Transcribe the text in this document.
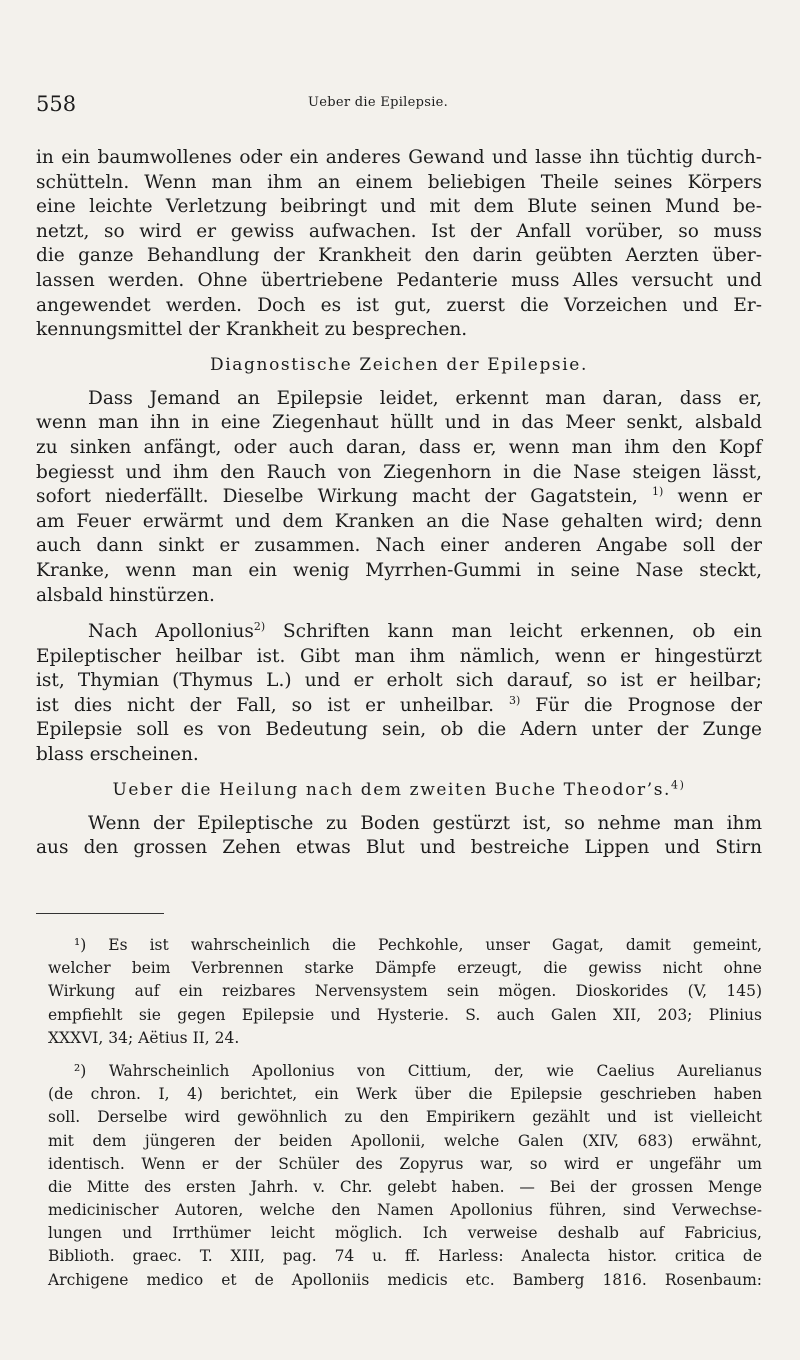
558	Ueber die Epilepsie.
in ein baumwollenes oder ein anderes Gewand und lasse ihn tüchtig durch-
schütteln. Wenn man ihm an einem beliebigen Theile seines Körpers
eine leichte Verletzung beibringt und mit dem Blute seinen Mund be-
netzt, so wird er gewiss aufwachen. Ist der Anfall vorüber, so muss
die ganze Behandlung der Krankheit den darin geübten Aerzten über-
lassen werden. Ohne übertriebene Pedanterie muss Alles versucht und
angewendet werden. Doch es ist gut, zuerst die Vorzeichen und Er-
kennungsmittel der Krankheit zu besprechen.
Diagnostische Zeichen der Epilepsie.
Dass Jemand an Epilepsie leidet, erkennt man daran, dass er,
wenn man ihn in eine Ziegenhaut hüllt und in das Meer senkt, alsbald
zu sinken anfängt, oder auch daran, dass er, wenn man ihm den Kopf
begiesst und ihm den Rauch von Ziegenhorn in die Nase steigen lässt,
sofort niederfällt. Dieselbe Wirkung macht der Gagatstein, $^{1)}$ wenn er
am Feuer erwärmt und dem Kranken an die Nase gehalten wird; denn
auch dann sinkt er zusammen. Nach einer anderen Angabe soll der
Kranke, wenn man ein wenig Myrrhen-Gummi in seine Nase steckt,
alsbald hinstürzen.
Nach Apollonius$^{2)}$ Schriften kann man leicht erkennen, ob ein
Epileptischer heilbar ist. Gibt man ihm nämlich, wenn er hingestürzt
ist, Thymian (Thymus L.) und er erholt sich darauf, so ist er heilbar;
ist dies nicht der Fall, so ist er unheilbar. $^{3)}$ Für die Prognose der
Epilepsie soll es von Bedeutung sein, ob die Adern unter der Zunge
blass erscheinen.
Ueber die Heilung nach dem zweiten Buche Theodor’s.$^{4)}$
Wenn der Epileptische zu Boden gestürzt ist, so nehme man ihm
aus den grossen Zehen etwas Blut und bestreiche Lippen und Stirn
¹) Es ist wahrscheinlich die Pechkohle, unser Gagat, damit gemeint,
welcher beim Verbrennen starke Dämpfe erzeugt, die gewiss nicht ohne
Wirkung auf ein reizbares Nervensystem sein mögen. Dioskorides (V, 145)
empfiehlt sie gegen Epilepsie und Hysterie. S. auch Galen XII, 203; Plinius
XXXVI, 34; Aëtius II, 24.
²) Wahrscheinlich Apollonius von Cittium, der, wie Caelius Aurelianus
(de chron. I, 4) berichtet, ein Werk über die Epilepsie geschrieben haben
soll. Derselbe wird gewöhnlich zu den Empirikern gezählt und ist vielleicht
mit dem jüngeren der beiden Apollonii, welche Galen (XIV, 683) erwähnt,
identisch. Wenn er der Schüler des Zopyrus war, so wird er ungefähr um
die Mitte des ersten Jahrh. v. Chr. gelebt haben. — Bei der grossen Menge
medicinischer Autoren, welche den Namen Apollonius führen, sind Verwechse-
lungen und Irrthümer leicht möglich. Ich verweise deshalb auf Fabricius,
Biblioth. graec. T. XIII, pag. 74 u. ff. Harless: Analecta histor. critica de
Archigene medico et de Apolloniis medicis etc. Bamberg 1816. Rosenbaum:
